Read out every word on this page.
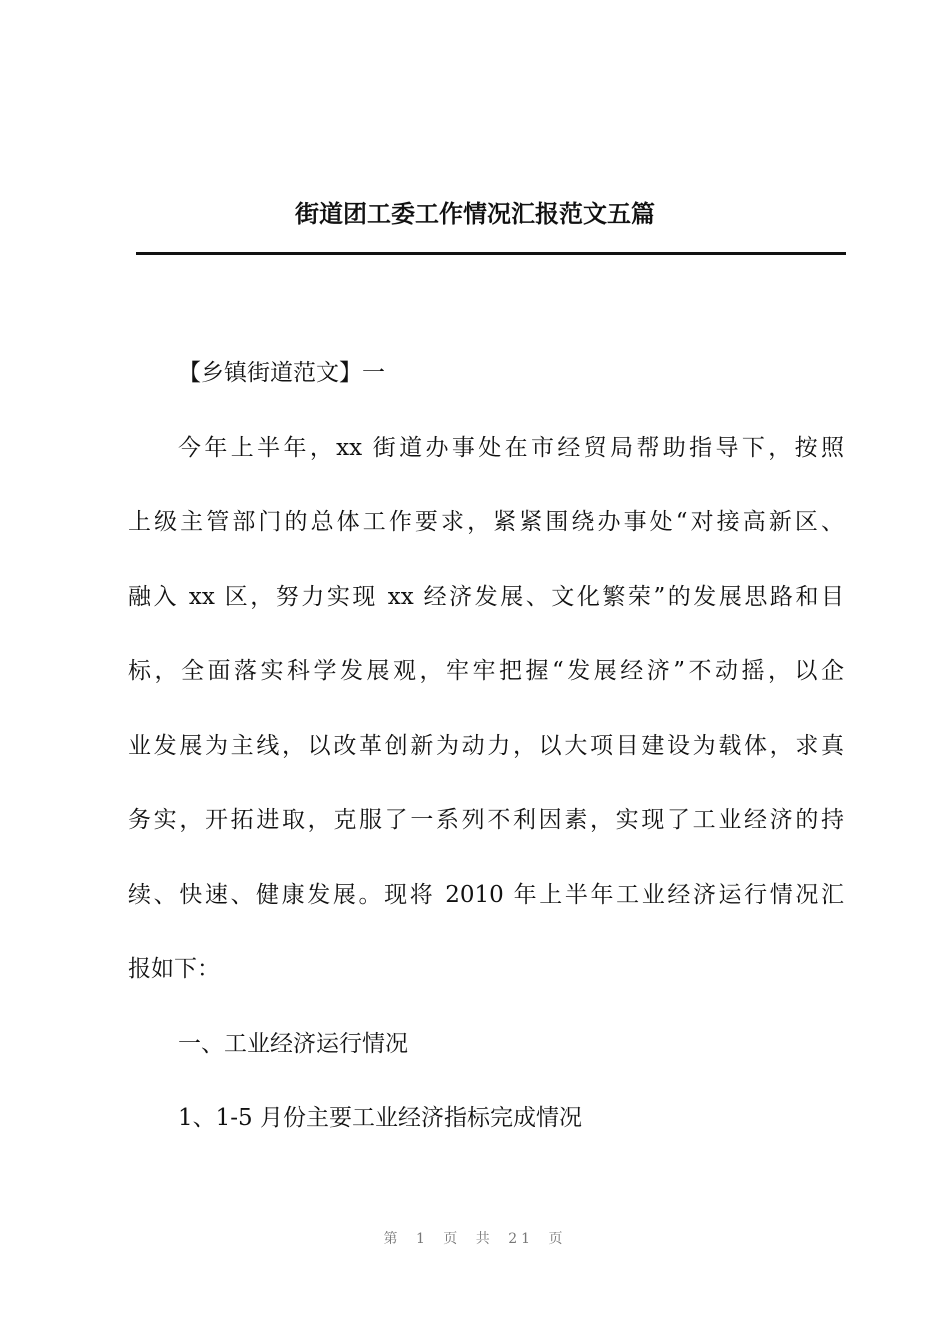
街道团工委工作情况汇报范文五篇
【乡镇街道范文】一
今年上半年，xx 街道办事处在市经贸局帮助指导下，按照
上级主管部门的总体工作要求，紧紧围绕办事处“对接高新区、
融入 xx 区，努力实现 xx 经济发展、文化繁荣”的发展思路和目
标，全面落实科学发展观，牢牢把握“发展经济”不动摇，以企
业发展为主线，以改革创新为动力，以大项目建设为载体，求真
务实，开拓进取，克服了一系列不利因素，实现了工业经济的持
续、快速、健康发展。现将 2010 年上半年工业经济运行情况汇
报如下：
一、工业经济运行情况
1、1-5 月份主要工业经济指标完成情况
第 1 页 共 21 页
